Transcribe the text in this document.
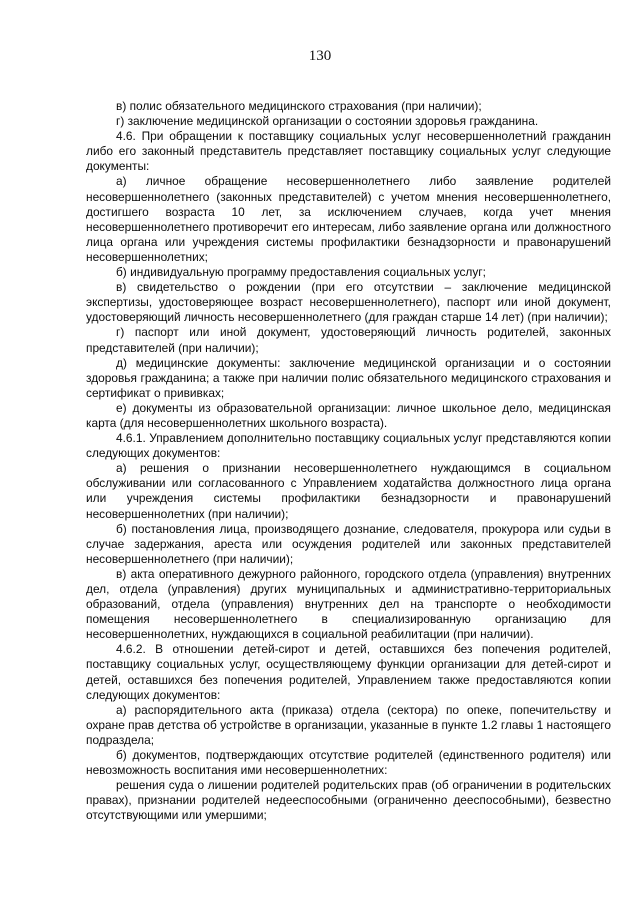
130

в) полис обязательного медицинского страхования (при наличии);

г) заключение медицинской организации о состоянии здоровья гражданина.

4.6. При обращении к поставщику социальных услуг несовершеннолетний гражданин либо его законный представитель представляет поставщику социальных услуг следующие документы:

а) личное обращение несовершеннолетнего либо заявление родителей несовершеннолетнего (законных представителей) с учетом мнения несовершеннолетнего, достигшего возраста 10 лет, за исключением случаев, когда учет мнения несовершеннолетнего противоречит его интересам, либо заявление органа или должностного лица органа или учреждения системы профилактики безнадзорности и правонарушений несовершеннолетних;

б) индивидуальную программу предоставления социальных услуг;

в) свидетельство о рождении (при его отсутствии – заключение медицинской экспертизы, удостоверяющее возраст несовершеннолетнего), паспорт или иной документ, удостоверяющий личность несовершеннолетнего (для граждан старше 14 лет) (при наличии);

г) паспорт или иной документ, удостоверяющий личность родителей, законных представителей (при наличии);

д) медицинские документы: заключение медицинской организации и о состоянии здоровья гражданина; а также при наличии полис обязательного медицинского страхования и сертификат о прививках;

е) документы из образовательной организации: личное школьное дело, медицинская карта (для несовершеннолетних школьного возраста).

4.6.1. Управлением дополнительно поставщику социальных услуг представляются копии следующих документов:

а) решения о признании несовершеннолетнего нуждающимся в социальном обслуживании или согласованного с Управлением ходатайства должностного лица органа или учреждения системы профилактики безнадзорности и правонарушений несовершеннолетних (при наличии);

б) постановления лица, производящего дознание, следователя, прокурора или судьи в случае задержания, ареста или осуждения родителей или законных представителей несовершеннолетнего (при наличии);

в) акта оперативного дежурного районного, городского отдела (управления) внутренних дел, отдела (управления) других муниципальных и административно-территориальных образований, отдела (управления) внутренних дел на транспорте о необходимости помещения несовершеннолетнего в специализированную организацию для несовершеннолетних, нуждающихся в социальной реабилитации (при наличии).

4.6.2. В отношении детей-сирот и детей, оставшихся без попечения родителей, поставщику социальных услуг, осуществляющему функции организации для детей-сирот и детей, оставшихся без попечения родителей, Управлением также предоставляются копии следующих документов:

а) распорядительного акта (приказа) отдела (сектора) по опеке, попечительству и охране прав детства об устройстве в организации, указанные в пункте 1.2 главы 1 настоящего подраздела;

б) документов, подтверждающих отсутствие родителей (единственного родителя) или невозможность воспитания ими несовершеннолетних:

решения суда о лишении родителей родительских прав (об ограничении в родительских правах), признании родителей недееспособными (ограниченно дееспособными), безвестно отсутствующими или умершими;
